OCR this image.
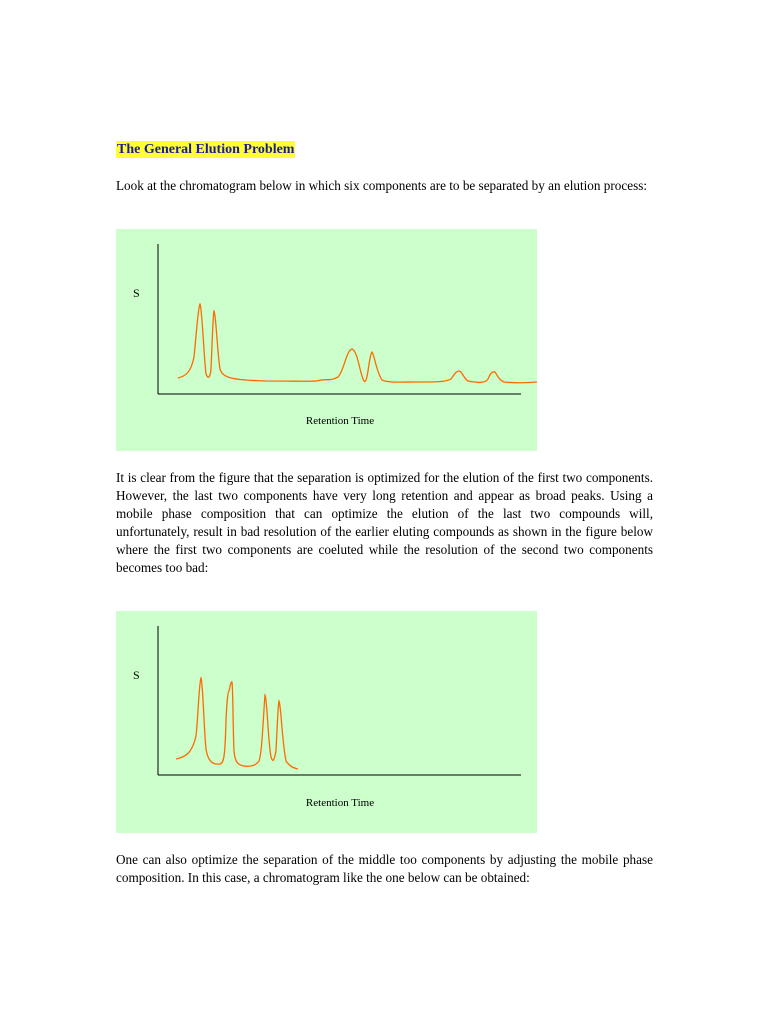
The General Elution Problem

Look at the chromatogram below in which six components are to be separated by an elution process:

S
Retention Time

It is clear from the figure that the separation is optimized for the elution of the first two components. However, the last two components have very long retention and appear as broad peaks. Using a mobile phase composition that can optimize the elution of the last two compounds will, unfortunately, result in bad resolution of the earlier eluting compounds as shown in the figure below where the first two components are coeluted while the resolution of the second two components becomes too bad:

S
Retention Time

One can also optimize the separation of the middle too components by adjusting the mobile phase composition. In this case, a chromatogram like the one below can be obtained:
